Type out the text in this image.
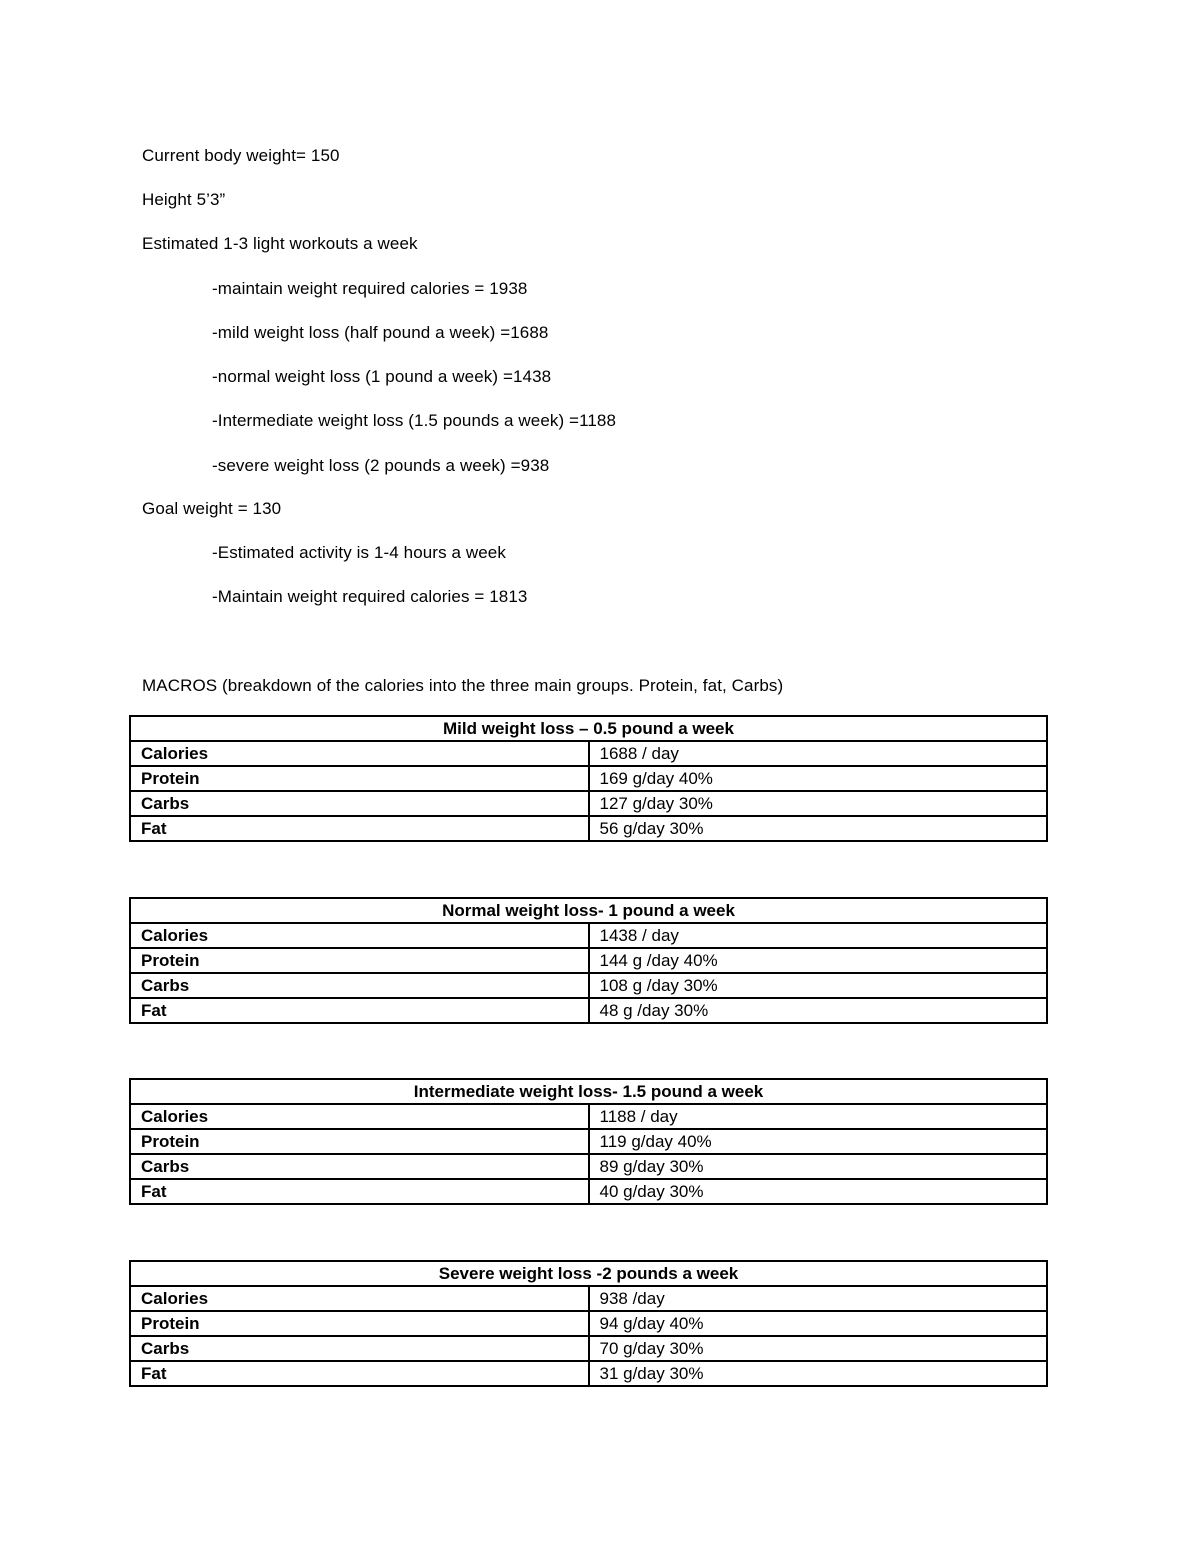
Current body weight= 150
Height 5’3”
Estimated 1-3 light workouts a week
-maintain weight required calories = 1938
-mild weight loss (half pound a week) =1688
-normal weight loss (1 pound a week) =1438
-Intermediate weight loss (1.5 pounds a week) =1188
-severe weight loss (2 pounds a week) =938
Goal weight = 130
-Estimated activity is 1-4 hours a week
-Maintain weight required calories = 1813
MACROS (breakdown of the calories into the three main groups. Protein, fat, Carbs)
Mild weight loss – 0.5 pound a week	
Calories	1688 / day
Protein	169 g/day 40%
Carbs	127 g/day 30%
Fat	56 g/day 30%
Normal weight loss- 1 pound a week	
Calories	1438 / day
Protein	144 g /day 40%
Carbs	108 g /day 30%
Fat	48 g /day 30%
Intermediate weight loss- 1.5 pound a week	
Calories	1188 / day
Protein	119 g/day 40%
Carbs	89 g/day 30%
Fat	40 g/day 30%
Severe weight loss -2 pounds a week	
Calories	938 /day
Protein	94 g/day 40%
Carbs	70 g/day 30%
Fat	31 g/day 30%
